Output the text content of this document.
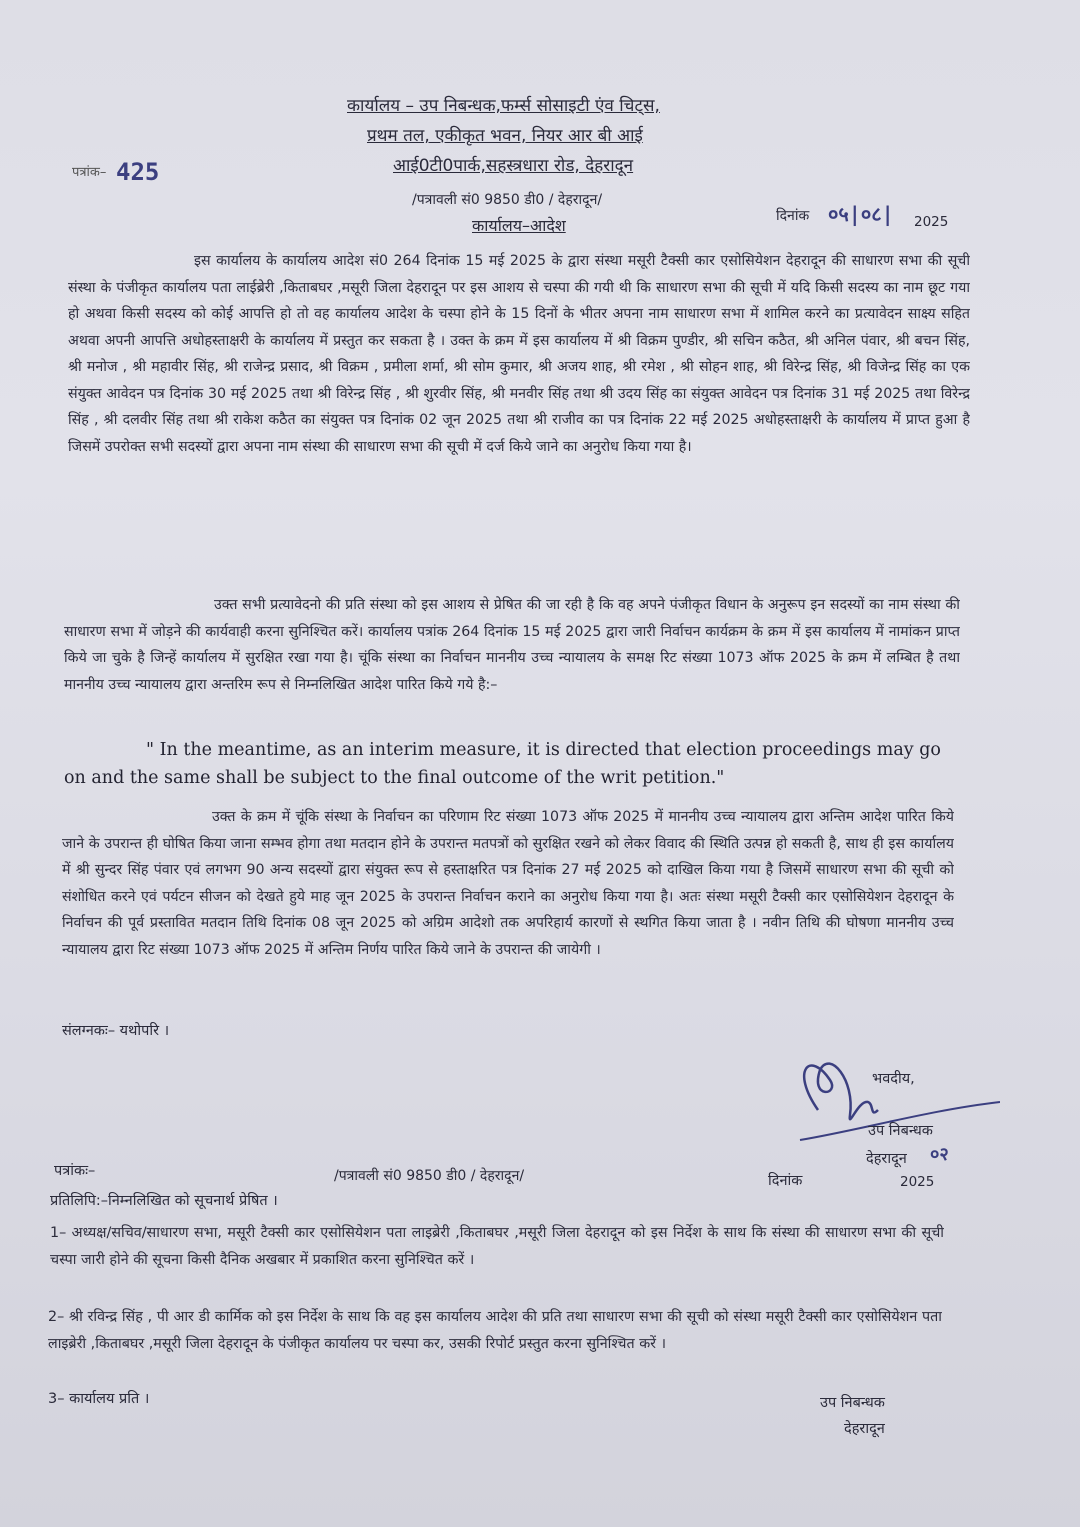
कार्यालय – उप निबन्धक,फर्म्स सोसाइटी एंव चिट्स,
प्रथम तल, एकीकृत भवन, नियर आर बी आई
आई0टी0पार्क,सहस्त्रधारा रोड, देहरादून
/पत्रावली सं0 9850 डी0 / देहरादून/
कार्यालय–आदेश
पत्रांक– 425
दिनांक ०५|०८| 2025
इस कार्यालय के कार्यालय आदेश सं0 264 दिनांक 15 मई 2025 के द्वारा संस्था मसूरी टैक्सी कार एसोसियेशन देहरादून की साधारण सभा की सूची संस्था के पंजीकृत कार्यालय पता लाईब्रेरी ,किताबघर ,मसूरी जिला देहरादून पर इस आशय से चस्पा की गयी थी कि साधारण सभा की सूची में यदि किसी सदस्य का नाम छूट गया हो अथवा किसी सदस्य को कोई आपत्ति हो तो वह कार्यालय आदेश के चस्पा होने के 15 दिनों के भीतर अपना नाम साधारण सभा में शामिल करने का प्रत्यावेदन साक्ष्य सहित अथवा अपनी आपत्ति अधोहस्ताक्षरी के कार्यालय में प्रस्तुत कर सकता है । उक्त के क्रम में इस कार्यालय में श्री विक्रम पुण्डीर, श्री सचिन कठैत, श्री अनिल पंवार, श्री बचन सिंह, श्री मनोज , श्री महावीर सिंह, श्री राजेन्द्र प्रसाद, श्री विक्रम , प्रमीला शर्मा, श्री सोम कुमार, श्री अजय शाह, श्री रमेश , श्री सोहन शाह, श्री विरेन्द्र सिंह, श्री विजेन्द्र सिंह का एक संयुक्त आवेदन पत्र दिनांक 30 मई 2025 तथा श्री विरेन्द्र सिंह , श्री शुरवीर सिंह, श्री मनवीर सिंह तथा श्री उदय सिंह का संयुक्त आवेदन पत्र दिनांक 31 मई 2025 तथा विरेन्द्र सिंह , श्री दलवीर सिंह तथा श्री राकेश कठैत का संयुक्त पत्र दिनांक 02 जून 2025 तथा श्री राजीव का पत्र दिनांक 22 मई 2025 अधोहस्ताक्षरी के कार्यालय में प्राप्त हुआ है जिसमें उपरोक्त सभी सदस्यों द्वारा अपना नाम संस्था की साधारण सभा की सूची में दर्ज किये जाने का अनुरोध किया गया है।
उक्त सभी प्रत्यावेदनो की प्रति संस्था को इस आशय से प्रेषित की जा रही है कि वह अपने पंजीकृत विधान के अनुरूप इन सदस्यों का नाम संस्था की साधारण सभा में जोड़ने की कार्यवाही करना सुनिश्चित करें। कार्यालय पत्रांक 264 दिनांक 15 मई 2025 द्वारा जारी निर्वाचन कार्यक्रम के क्रम में इस कार्यालय में नामांकन प्राप्त किये जा चुके है जिन्हें कार्यालय में सुरक्षित रखा गया है। चूंकि संस्था का निर्वाचन माननीय उच्च न्यायालय के समक्ष रिट संख्या 1073 ऑफ 2025 के क्रम में लम्बित है तथा माननीय उच्च न्यायालय द्वारा अन्तरिम रूप से निम्नलिखित आदेश पारित किये गये है:–
" In the meantime, as an interim measure, it is directed that election proceedings may go on and the same shall be subject to the final outcome of the writ petition."
उक्त के क्रम में चूंकि संस्था के निर्वाचन का परिणाम रिट संख्या 1073 ऑफ 2025 में माननीय उच्च न्यायालय द्वारा अन्तिम आदेश पारित किये जाने के उपरान्त ही घोषित किया जाना सम्भव होगा तथा मतदान होने के उपरान्त मतपत्रों को सुरक्षित रखने को लेकर विवाद की स्थिति उत्पन्न हो सकती है, साथ ही इस कार्यालय में श्री सुन्दर सिंह पंवार एवं लगभग 90 अन्य सदस्यों द्वारा संयुक्त रूप से हस्ताक्षरित पत्र दिनांक 27 मई 2025 को दाखिल किया गया है जिसमें साधारण सभा की सूची को संशोधित करने एवं पर्यटन सीजन को देखते हुये माह जून 2025 के उपरान्त निर्वाचन कराने का अनुरोध किया गया है। अतः संस्था मसूरी टैक्सी कार एसोसियेशन देहरादून के निर्वाचन की पूर्व प्रस्तावित मतदान तिथि दिनांक 08 जून 2025 को अग्रिम आदेशो तक अपरिहार्य कारणों से स्थगित किया जाता है । नवीन तिथि की घोषणा माननीय उच्च न्यायालय द्वारा रिट संख्या 1073 ऑफ 2025 में अन्तिम निर्णय पारित किये जाने के उपरान्त की जायेगी ।
संलग्नकः– यथोपरि ।
भवदीय,
उप निबन्धक
देहरादून ०२
पत्रांकः–	/पत्रावली सं0 9850 डी0 / देहरादून/	दिनांक	2025
प्रतिलिपि:–निम्नलिखित को सूचनार्थ प्रेषित ।
1– अध्यक्ष/सचिव/साधारण सभा, मसूरी टैक्सी कार एसोसियेशन पता लाइब्रेरी ,किताबघर ,मसूरी जिला देहरादून को इस निर्देश के साथ कि संस्था की साधारण सभा की सूची चस्पा जारी होने की सूचना किसी दैनिक अखबार में प्रकाशित करना सुनिश्चित करें ।
2– श्री रविन्द्र सिंह , पी आर डी कार्मिक को इस निर्देश के साथ कि वह इस कार्यालय आदेश की प्रति तथा साधारण सभा की सूची को संस्था मसूरी टैक्सी कार एसोसियेशन पता लाइब्रेरी ,किताबघर ,मसूरी जिला देहरादून के पंजीकृत कार्यालय पर चस्पा कर, उसकी रिपोर्ट प्रस्तुत करना सुनिश्चित करें ।
3– कार्यालय प्रति ।	उप निबन्धक
देहरादून
